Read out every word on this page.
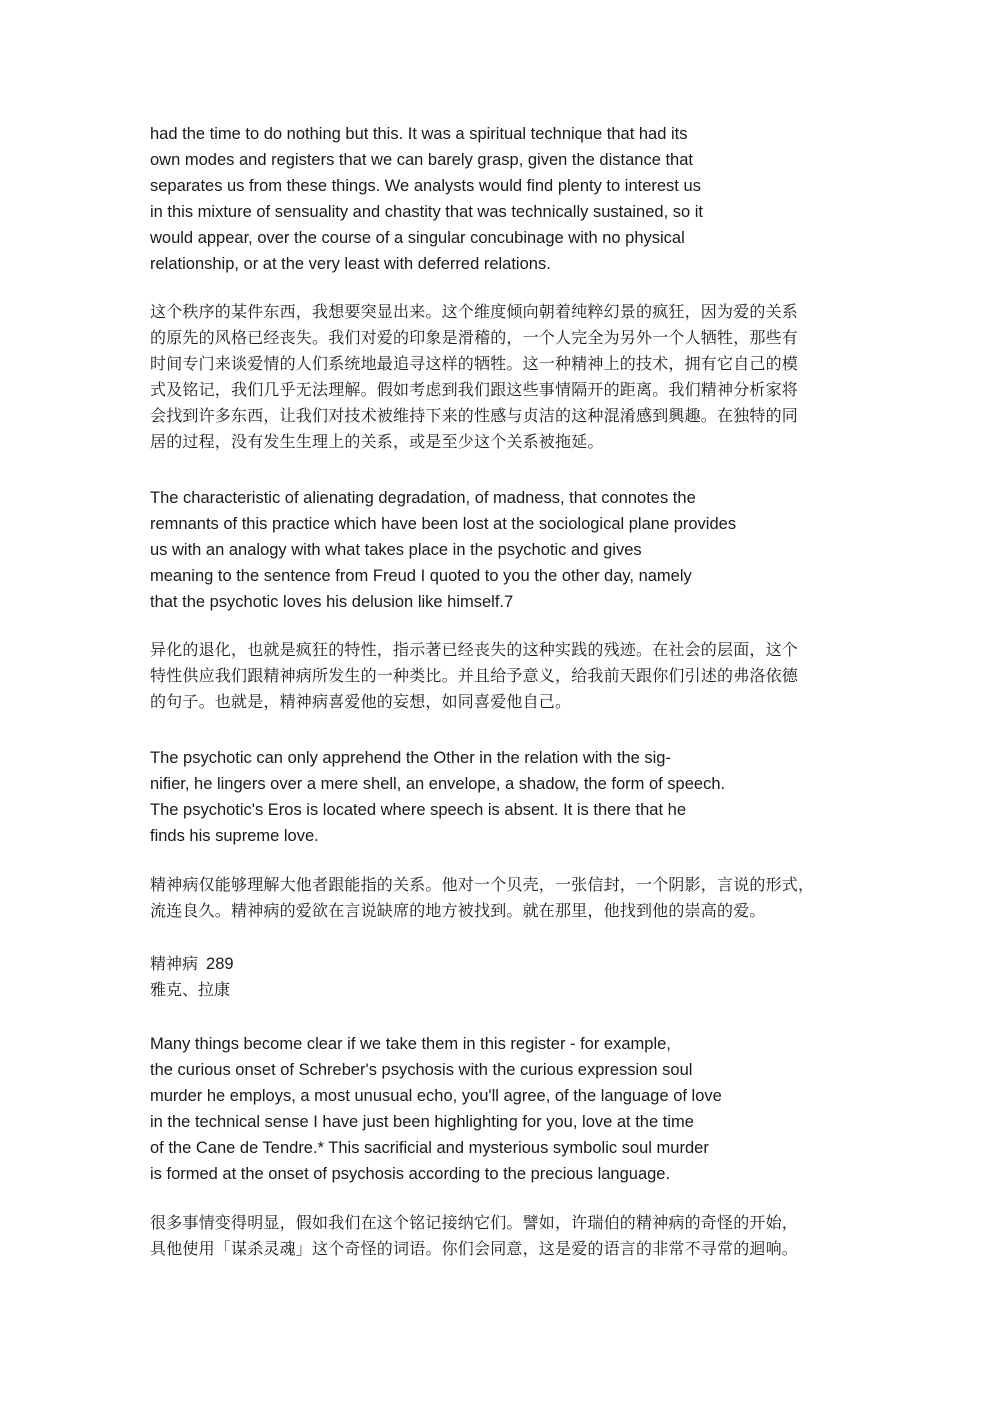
had the time to do nothing but this. It was a spiritual technique that had its
own modes and registers that we can barely grasp, given the distance that
separates us from these things. We analysts would find plenty to interest us
in this mixture of sensuality and chastity that was technically sustained, so it
would appear, over the course of a singular concubinage with no physical
relationship, or at the very least with deferred relations.
这个秩序的某件东西，我想要突显出来。这个维度倾向朝着纯粹幻景的疯狂，因为爱的关系
的原先的风格已经丧失。我们对爱的印象是滑稽的，一个人完全为另外一个人牺牲，那些有
时间专门来谈爱情的人们系统地最追寻这样的牺牲。这一种精神上的技术，拥有它自己的模
式及铭记，我们几乎无法理解。假如考虑到我们跟这些事情隔开的距离。我们精神分析家将
会找到许多东西，让我们对技术被维持下来的性感与贞洁的这种混淆感到興趣。在独特的同
居的过程，没有发生生理上的关系，或是至少这个关系被拖延。
The characteristic of alienating degradation, of madness, that connotes the
remnants of this practice which have been lost at the sociological plane provides
us with an analogy with what takes place in the psychotic and gives
meaning to the sentence from Freud I quoted to you the other day, namely
that the psychotic loves his delusion like himself.7
异化的退化，也就是疯狂的特性，指示著已经丧失的这种实践的残迹。在社会的层面，这个
特性供应我们跟精神病所发生的一种类比。并且给予意义，给我前天跟你们引述的弗洛依德
的句子。也就是，精神病喜爱他的妄想，如同喜爱他自己。
The psychotic can only apprehend the Other in the relation with the sig-
nifier, he lingers over a mere shell, an envelope, a shadow, the form of speech.
The psychotic's Eros is located where speech is absent. It is there that he
finds his supreme love.
精神病仅能够理解大他者跟能指的关系。他对一个贝壳，一张信封，一个阴影，言说的形式，
流连良久。精神病的爱欲在言说缺席的地方被找到。就在那里，他找到他的崇高的爱。
精神病 289
雅克、拉康
Many things become clear if we take them in this register - for example,
the curious onset of Schreber's psychosis with the curious expression soul
murder he employs, a most unusual echo, you'll agree, of the language of love
in the technical sense I have just been highlighting for you, love at the time
of the Cane de Tendre.* This sacrificial and mysterious symbolic soul murder
is formed at the onset of psychosis according to the precious language.
很多事情变得明显，假如我们在这个铭记接纳它们。譬如，许瑞伯的精神病的奇怪的开始，
具他使用「谋杀灵魂」这个奇怪的词语。你们会同意，这是爱的语言的非常不寻常的迴响。
